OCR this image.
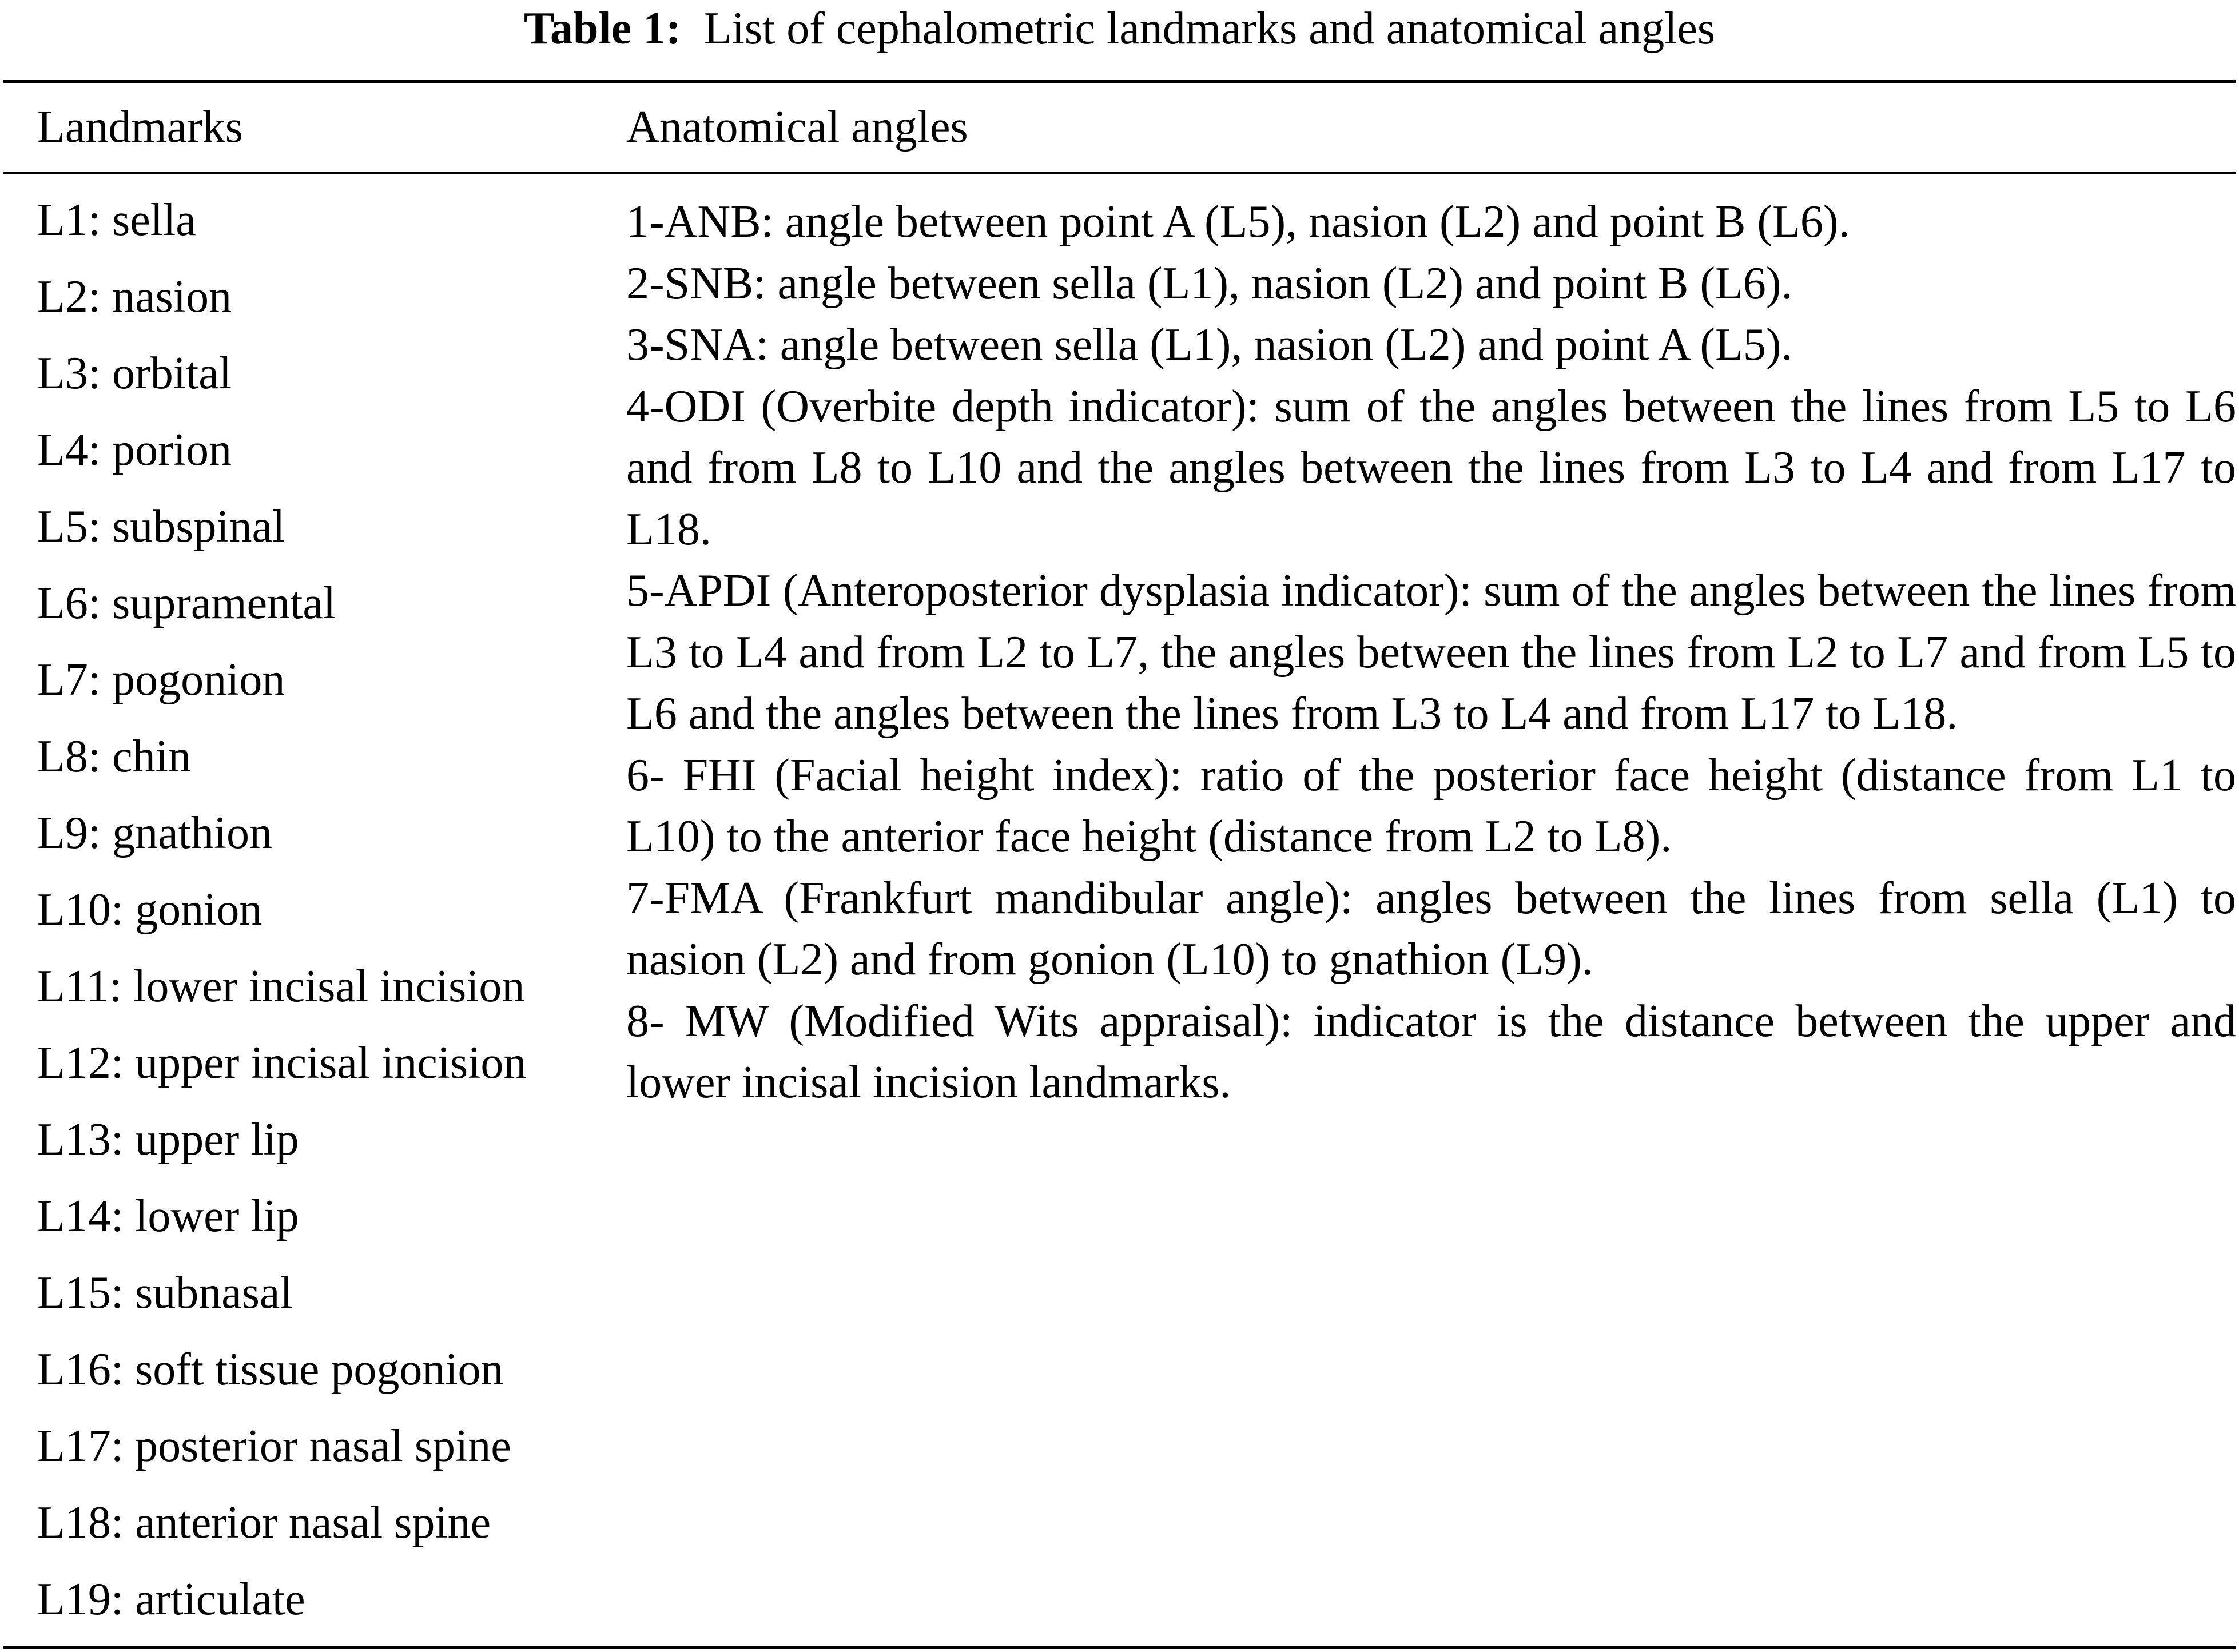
Table 1: List of cephalometric landmarks and anatomical angles
Landmarks	Anatomical angles
L1: sella
L2: nasion
L3: orbital
L4: porion
L5: subspinal
L6: supramental
L7: pogonion
L8: chin
L9: gnathion
L10: gonion
L11: lower incisal incision
L12: upper incisal incision
L13: upper lip
L14: lower lip
L15: subnasal
L16: soft tissue pogonion
L17: posterior nasal spine
L18: anterior nasal spine
L19: articulate
1-ANB: angle between point A (L5), nasion (L2) and point B (L6).
2-SNB: angle between sella (L1), nasion (L2) and point B (L6).
3-SNA: angle between sella (L1), nasion (L2) and point A (L5).
4-ODI (Overbite depth indicator): sum of the angles between the lines from L5 to L6 and from L8 to L10 and the angles between the lines from L3 to L4 and from L17 to L18.
5-APDI (Anteroposterior dysplasia indicator): sum of the angles between the lines from L3 to L4 and from L2 to L7, the angles between the lines from L2 to L7 and from L5 to L6 and the angles between the lines from L3 to L4 and from L17 to L18.
6- FHI (Facial height index): ratio of the posterior face height (distance from L1 to L10) to the anterior face height (distance from L2 to L8).
7-FMA (Frankfurt mandibular angle): angles between the lines from sella (L1) to nasion (L2) and from gonion (L10) to gnathion (L9).
8- MW (Modified Wits appraisal): indicator is the distance between the upper and lower incisal incision landmarks.
